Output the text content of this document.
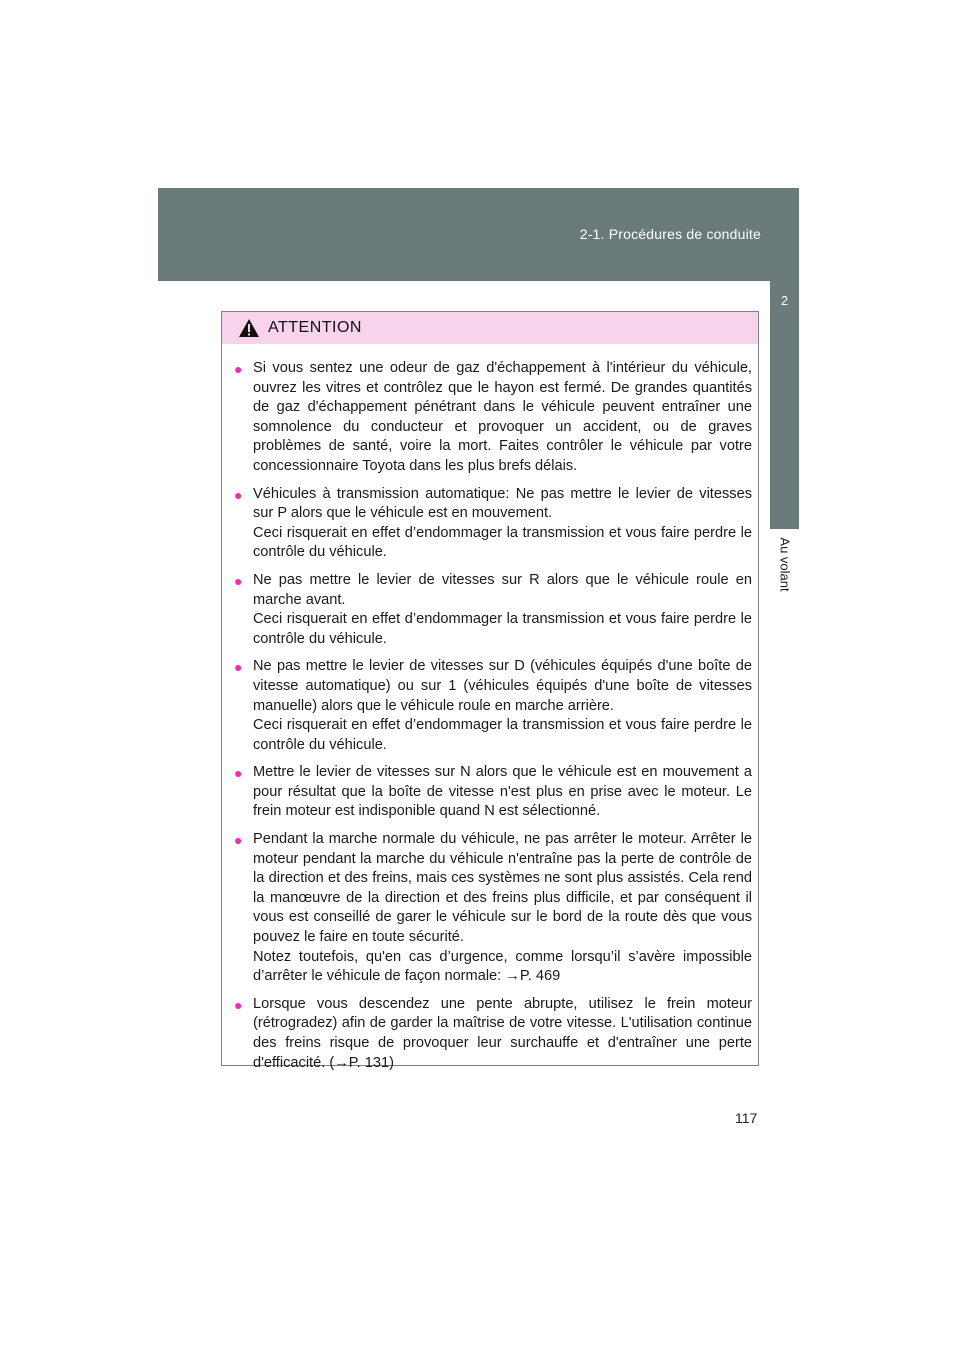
2-1. Procédures de conduite
2
Au volant
ATTENTION
● Si vous sentez une odeur de gaz d'échappement à l'intérieur du véhicule, ouvrez les vitres et contrôlez que le hayon est fermé. De grandes quantités de gaz d'échappement pénétrant dans le véhicule peuvent entraîner une somnolence du conducteur et provoquer un accident, ou de graves problèmes de santé, voire la mort. Faites contrôler le véhicule par votre concessionnaire Toyota dans les plus brefs délais.
● Véhicules à transmission automatique: Ne pas mettre le levier de vitesses sur P alors que le véhicule est en mouvement.
Ceci risquerait en effet d’endommager la transmission et vous faire perdre le contrôle du véhicule.
● Ne pas mettre le levier de vitesses sur R alors que le véhicule roule en marche avant.
Ceci risquerait en effet d’endommager la transmission et vous faire perdre le contrôle du véhicule.
● Ne pas mettre le levier de vitesses sur D (véhicules équipés d'une boîte de vitesse automatique) ou sur 1 (véhicules équipés d'une boîte de vitesses manuelle) alors que le véhicule roule en marche arrière.
Ceci risquerait en effet d’endommager la transmission et vous faire perdre le contrôle du véhicule.
● Mettre le levier de vitesses sur N alors que le véhicule est en mouvement a pour résultat que la boîte de vitesse n'est plus en prise avec le moteur. Le frein moteur est indisponible quand N est sélectionné.
● Pendant la marche normale du véhicule, ne pas arrêter le moteur. Arrêter le moteur pendant la marche du véhicule n'entraîne pas la perte de contrôle de la direction et des freins, mais ces systèmes ne sont plus assistés. Cela rend la manœuvre de la direction et des freins plus difficile, et par conséquent il vous est conseillé de garer le véhicule sur le bord de la route dès que vous pouvez le faire en toute sécurité.
Notez toutefois, qu'en cas d’urgence, comme lorsqu’il s’avère impossible d’arrêter le véhicule de façon normale: →P. 469
● Lorsque vous descendez une pente abrupte, utilisez le frein moteur (rétrogradez) afin de garder la maîtrise de votre vitesse. L'utilisation continue des freins risque de provoquer leur surchauffe et d'entraîner une perte d'efficacité. (→P. 131)
117
